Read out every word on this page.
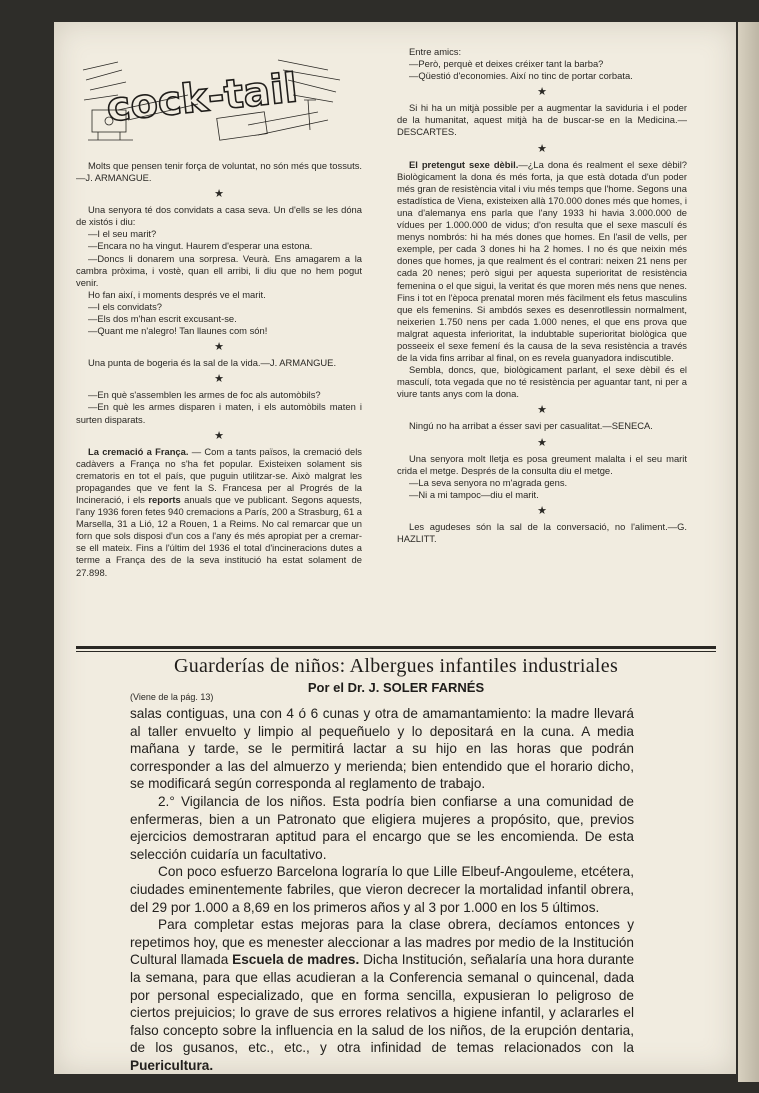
cock-tail

Molts que pensen tenir força de voluntat, no són més que tossuts.—J. ARMANGUE.

★

Una senyora té dos convidats a casa seva. Un d'ells se les dóna de xistós i diu:

—I el seu marit?

—Encara no ha vingut. Haurem d'esperar una estona.

—Doncs li donarem una sorpresa. Veurà. Ens amagarem a la cambra pròxima, i vostè, quan ell arribi, li diu que no hem pogut venir.

Ho fan així, i moments després ve el marit.

—I els convidats?

—Els dos m'han escrit excusant-se.

—Quant me n'alegro! Tan llaunes com són!

★

Una punta de bogeria és la sal de la vida.—J. ARMANGUE.

★

—En què s'assemblen les armes de foc als automòbils?

—En què les armes disparen i maten, i els automòbils maten i surten disparats.

★

La cremació a França. — Com a tants països, la cremació dels cadàvers a França no s'ha fet popular. Existeixen solament sis crematoris en tot el país, que puguin utilitzar-se. Això malgrat les propagandes que ve fent la S. Francesa per al Progrés de la Incineració, i els reports anuals que ve publicant. Segons aquests, l'any 1936 foren fetes 940 cremacions a París, 200 a Strasburg, 61 a Marsella, 31 a Lió, 12 a Rouen, 1 a Reims. No cal remarcar que un forn que sols disposi d'un cos a l'any és més apropiat per a cremar-se ell mateix. Fins a l'últim del 1936 el total d'incineracions dutes a terme a França des de la seva institució ha estat solament de 27.898.

Entre amics:

—Però, perquè et deixes créixer tant la barba?

—Qüestió d'economies. Així no tinc de portar corbata.

★

Si hi ha un mitjà possible per a augmentar la saviduria i el poder de la humanitat, aquest mitjà ha de buscar-se en la Medicina.—DESCARTES.

★

El pretengut sexe dèbil.—¿La dona és realment el sexe dèbil? Biològicament la dona és més forta, ja que està dotada d'un poder més gran de resistència vital i viu més temps que l'home. Segons una estadística de Viena, existeixen allà 170.000 dones més que homes, i una d'alemanya ens parla que l'any 1933 hi havia 3.000.000 de vídues per 1.000.000 de vidus; d'on resulta que el sexe masculí és menys nombrós: hi ha més dones que homes. En l'asil de vells, per exemple, per cada 3 dones hi ha 2 homes. I no és que neixin més dones que homes, ja que realment és el contrari: neixen 21 nens per cada 20 nenes; però sigui per aquesta superioritat de resistència femenina o el que sigui, la veritat és que moren més nens que nenes. Fins i tot en l'època prenatal moren més fàcilment els fetus masculins que els femenins. Si ambdós sexes es desenrotllessin normalment, neixerien 1.750 nens per cada 1.000 nenes, el que ens prova que malgrat aquesta inferioritat, la indubtable superioritat biològica que posseeix el sexe femení és la causa de la seva resistència a través de la vida fins arribar al final, on es revela guanyadora indiscutible.

Sembla, doncs, que, biològicament parlant, el sexe dèbil és el masculí, tota vegada que no té resistència per aguantar tant, ni per a viure tants anys com la dona.

★

Ningú no ha arribat a ésser savi per casualitat.—SENECA.

★

Una senyora molt lletja es posa greument malalta i el seu marit crida el metge. Després de la consulta diu el metge.

—La seva senyora no m'agrada gens.

—Ni a mi tampoc—diu el marit.

★

Les agudeses són la sal de la conversació, no l'aliment.—G. HAZLITT.

Guarderías de niños: Albergues infantiles industriales
Por el Dr. J. SOLER FARNÉS
(Viene de la pág. 13)

salas contiguas, una con 4 ó 6 cunas y otra de amamantamiento: la madre llevará al taller envuelto y limpio al pequeñuelo y lo depositará en la cuna. A media mañana y tarde, se le permitirá lactar a su hijo en las horas que podrán corresponder a las del almuerzo y merienda; bien entendido que el horario dicho, se modificará según corresponda al reglamento de trabajo.

2.° Vigilancia de los niños. Esta podría bien confiarse a una comunidad de enfermeras, bien a un Patronato que eligiera mujeres a propósito, que, previos ejercicios demostraran aptitud para el encargo que se les encomienda. De esta selección cuidaría un facultativo.

Con poco esfuerzo Barcelona lograría lo que Lille Elbeuf-Angouleme, etcétera, ciudades eminentemente fabriles, que vieron decrecer la mortalidad infantil obrera, del 29 por 1.000 a 8,69 en los primeros años y al 3 por 1.000 en los 5 últimos.

Para completar estas mejoras para la clase obrera, decíamos entonces y repetimos hoy, que es menester aleccionar a las madres por medio de la Institución Cultural llamada Escuela de madres. Dicha Institución, señalaría una hora durante la semana, para que ellas acudieran a la Conferencia semanal o quincenal, dada por personal especializado, que en forma sencilla, expusieran lo peligroso de ciertos prejuicios; lo grave de sus errores relativos a higiene infantil, y aclararles el falso concepto sobre la influencia en la salud de los niños, de la erupción dentaria, de los gusanos, etc., etc., y otra infinidad de temas relacionados con la Puericultura.
